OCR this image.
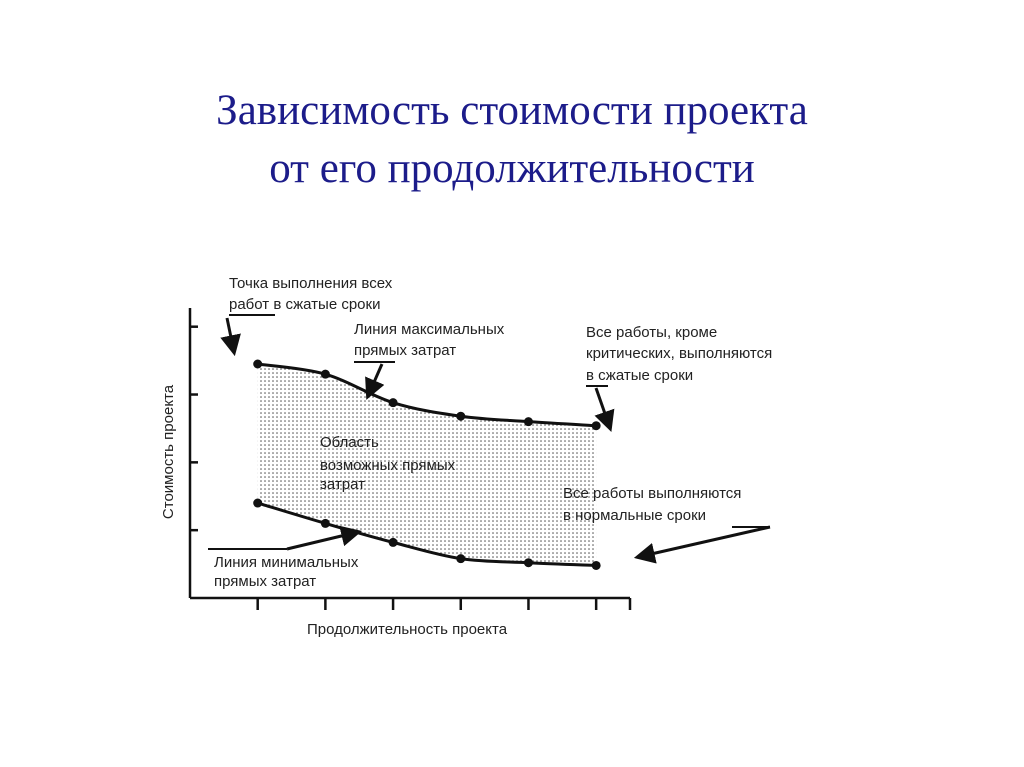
Зависимость стоимости проекта
от его продолжительности
Стоимость проекта
Продолжительность проекта
Область возможных прямых затрат
Точка выполнения всех работ в сжатые сроки
Линия максимальных прямых затрат
Все работы, кроме критических, выполняются в сжатые сроки
Все работы выполняются в нормальные сроки
Линия минимальных прямых затрат
